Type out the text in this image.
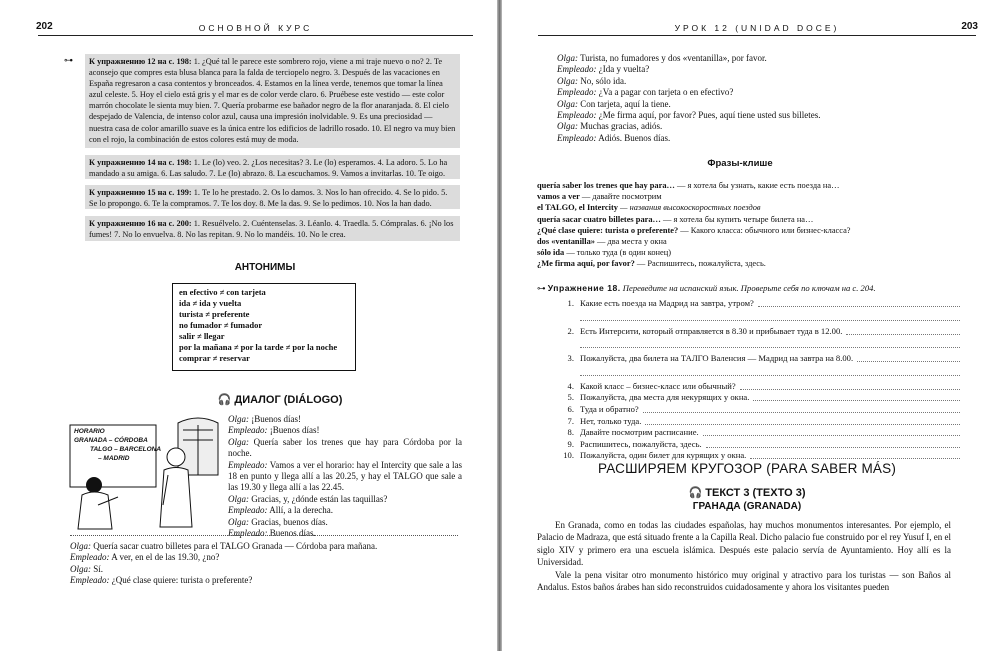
202	ОСНОВНОЙ КУРС	УРОК 12 (UNIDAD DOCE)	203
⊶	К упражнению 12 на с. 198: 1. ¿Qué tal le parece este sombrero rojo, viene a mi traje nuevo o no? 2. Te aconsejo que compres esta blusa blanca para la falda de terciopelo negro. 3. Después de las vacaciones en España regresaron a casa contentos y bronceados. 4. Estamos en la línea verde, tenemos que tomar la línea azul celeste. 5. Hoy el cielo está gris y el mar es de color verde claro. 6. Pruébese este vestido — este color marrón chocolate le sienta muy bien. 7. Quería probarme ese bañador negro de la flor anaranjada. 8. El cielo despejado de Valencia, de intenso color azul, causa una impresión inolvidable. 9. Es una preciosidad — nuestra casa de color amarillo suave es la única entre los edificios de ladrillo rosado. 10. El negro va muy bien con el rojo, la combinación de estos colores está muy de moda.
К упражнению 14 на с. 198: 1. Le (lo) veo. 2. ¿Los necesitas? 3. Le (lo) esperamos. 4. La adoro. 5. Lo ha mandado a su amiga. 6. Las saludo. 7. Le (lo) abrazo. 8. La escuchamos. 9. Vamos a invitarlas. 10. Te oigo.
К упражнению 15 на с. 199: 1. Te lo he prestado. 2. Os lo damos. 3. Nos lo han ofrecido. 4. Se lo pido. 5. Se lo propongo. 6. Te la compramos. 7. Te los doy. 8. Me la das. 9. Se lo pedimos. 10. Nos la han dado.
К упражнению 16 на с. 200: 1. Resuélvelo. 2. Cuéntenselas. 3. Léanlo. 4. Traedla. 5. Cómpralas. 6. ¡No los fumes! 7. No lo envuelva. 8. No las repitan. 9. No lo mandéis. 10. No le crea.
АНТОНИМЫ
en efectivo ≠ con tarjeta
ida ≠ ida y vuelta
turista ≠ preferente
no fumador ≠ fumador
salir ≠ llegar
por la mañana ≠ por la tarde ≠ por la noche
comprar ≠ reservar
🎧 ДИАЛОГ (DIÁLOGO)
HORARIO
GRANADA – CÓRDOBA
TALGO – BARCELONA
– MADRID
Olga: ¡Buenos días!
Empleado: ¡Buenos días!
Olga: Quería saber los trenes que hay para Córdoba por la noche.
Empleado: Vamos a ver el horario: hay el Intercity que sale a las 18 en punto y llega allí a las 20.25, y hay el TALGO que sale a las 19.30 y llega allí a las 22.45.
Olga: Gracias, y, ¿dónde están las taquillas?
Empleado: Allí, a la derecha.
Olga: Gracias, buenos días.
Empleado: Buenos días.
Olga: Quería sacar cuatro billetes para el TALGO Granada — Córdoba para mañana.
Empleado: A ver, en el de las 19.30, ¿no?
Olga: Sí.
Empleado: ¿Qué clase quiere: turista o preferente?
Olga: Turista, no fumadores y dos «ventanilla», por favor.
Empleado: ¿Ida y vuelta?
Olga: No, sólo ida.
Empleado: ¿Va a pagar con tarjeta o en efectivo?
Olga: Con tarjeta, aquí la tiene.
Empleado: ¿Me firma aquí, por favor? Pues, aquí tiene usted sus billetes.
Olga: Muchas gracias, adiós.
Empleado: Adiós. Buenos días.
Фразы-клише
quería saber los trenes que hay para… — я хотела бы узнать, какие есть поезда на…
vamos a ver — давайте посмотрим
el TALGO, el Intercity — названия высокоскоростных поездов
quería sacar cuatro billetes para… — я хотела бы купить четыре билета на…
¿Qué clase quiere: turista o preferente? — Какого класса: обычного или бизнес-класса?
dos «ventanilla» — два места у окна
sólo ida — только туда (в один конец)
¿Me firma aquí, por favor? — Распишитесь, пожалуйста, здесь.
⊶ Упражнение 18. Переведите на испанский язык. Проверьте себя по ключам на с. 204.
1. Какие есть поезда на Мадрид на завтра, утром?
2. Есть Интерсити, который отправляется в 8.30 и прибывает туда в 12.00.
3. Пожалуйста, два билета на ТАЛГО Валенсия — Мадрид на завтра на 8.00.
4. Какой класс – бизнес-класс или обычный?
5. Пожалуйста, два места для некурящих у окна.
6. Туда и обратно?
7. Нет, только туда.
8. Давайте посмотрим расписание.
9. Распишитесь, пожалуйста, здесь.
10. Пожалуйста, один билет для курящих у окна.
РАСШИРЯЕМ КРУГОЗОР (PARA SABER MÁS)
🎧 ТЕКСТ 3 (TEXTO 3)
ГРАНАДА (GRANADA)
En Granada, como en todas las ciudades españolas, hay muchos monumentos interesantes. Por ejemplo, el Palacio de Madraza, que está situado frente a la Capilla Real. Dicho palacio fue construido por el rey Yusuf I, en el siglo XIV y primero era una escuela islámica. Después este palacio servía de Ayuntamiento. Hoy allí es la Universidad.
Vale la pena visitar otro monumento histórico muy original y atractivo para los turistas — son Baños al Andalus. Estos baños árabes han sido reconstruidos cuidadosamente y ahora los visitantes pueden
